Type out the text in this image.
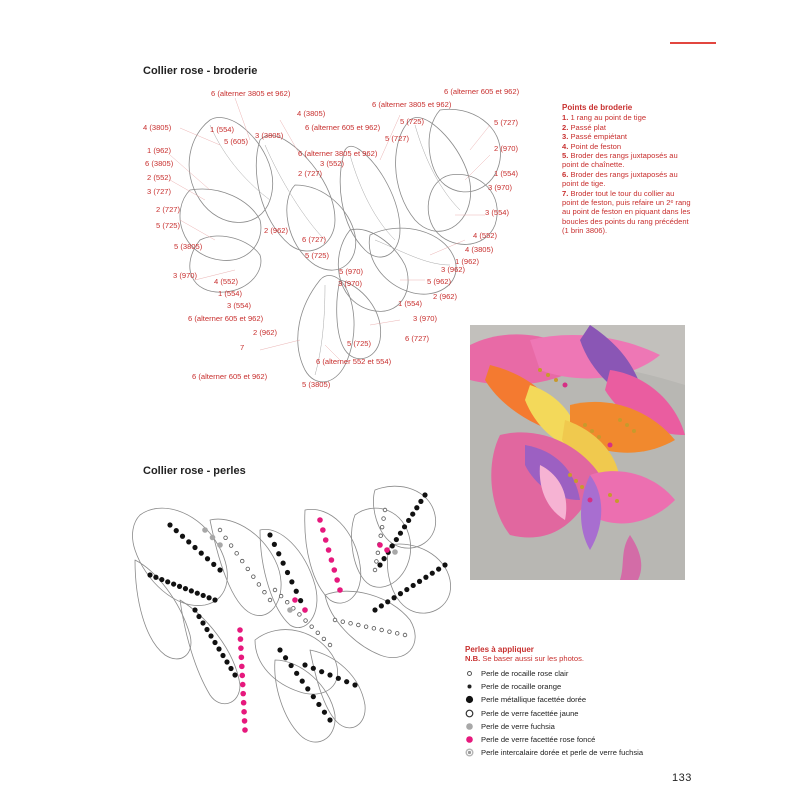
Collier rose - broderie
6 (alterner 3805 et 962)
4 (3805)	1 (554)
3 (3805)
5 (605)
1 (962)
6 (3805)
2 (552)
3 (727)
2 (727)
5 (725)
5 (3805)
3 (970)
4 (552)
1 (554)
3 (554)
6 (alterner 605 et 962)
2 (962)
7
6 (alterner 605 et 962)
4 (3805)
6 (alterner 605 et 962)
6 (alterner 3805 et 962)
3 (552)
2 (727)
2 (962)
6 (727)
5 (725)
5 (970)
3 (970)
1 (554)
3 (970)
6 (727)
5 (725)
6 (alterner 552 et 554)
5 (3805)
6 (alterner 605 et 962)
6 (alterner 3805 et 962)
5 (725)
5 (727)
5 (727)
2 (970)
1 (554)
3 (970)
3 (554)
4 (552)
4 (3805)
1 (962)
3 (962)
5 (962)
2 (962)
Points de broderie
1. 1 rang au point de tige
2. Passé plat
3. Passé empiétant
4. Point de feston
5. Broder des rangs juxtaposés au point de chaînette.
6. Broder des rangs juxtaposés au point de tige.
7. Broder tout le tour du collier au point de feston, puis refaire un 2ᵉ rang au point de feston en piquant dans les boucles des points du rang précédent (1 brin 3806).
Collier rose - perles
Perles à appliquer
N.B. Se baser aussi sur les photos.
Perle de rocaille rose clair
Perle de rocaille orange
Perle métallique facettée dorée
Perle de verre facettée jaune
Perle de verre fuchsia
Perle de verre facettée rose foncé
Perle intercalaire dorée et perle de verre fuchsia
133
